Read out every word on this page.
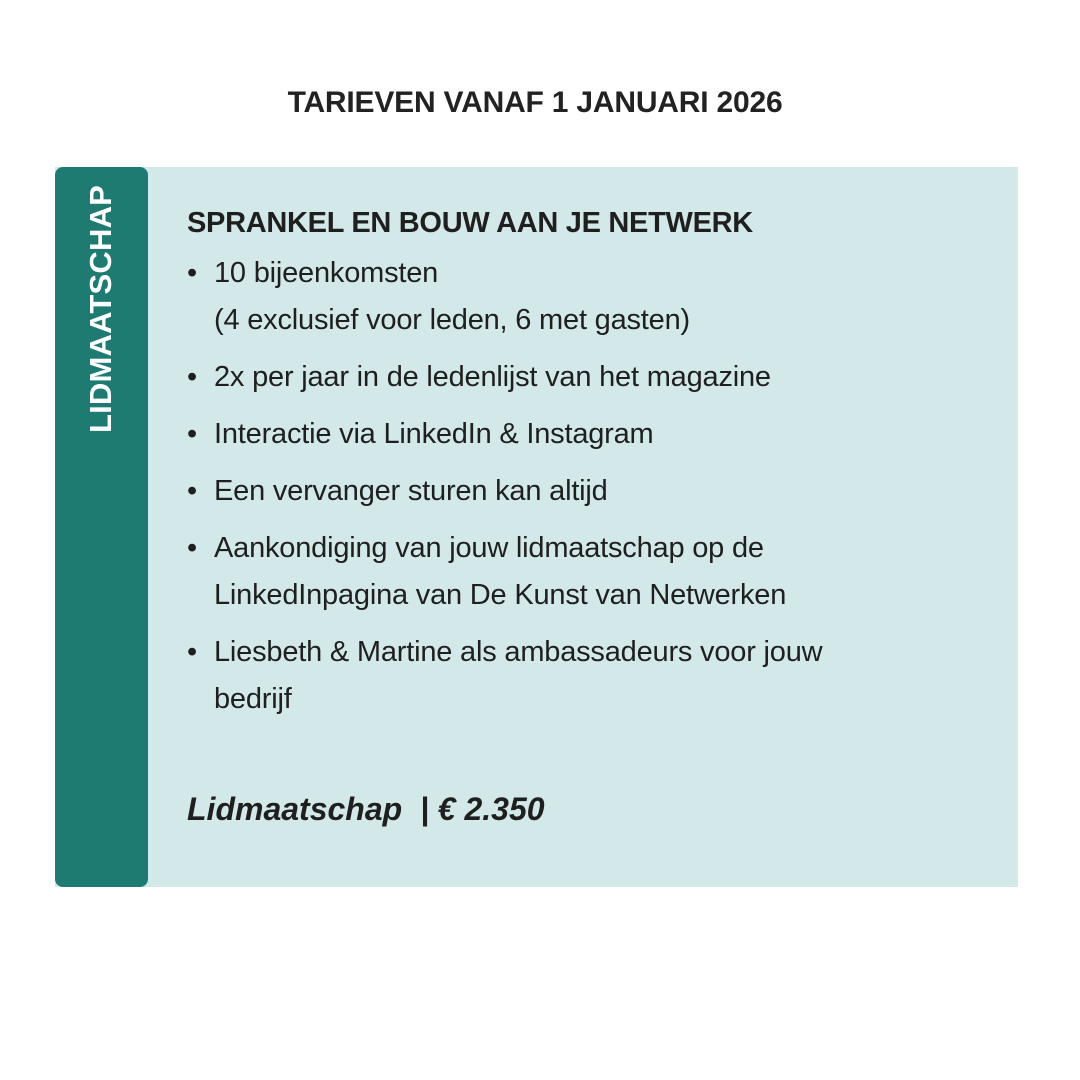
TARIEVEN VANAF 1 JANUARI 2026
LIDMAATSCHAP SPRANKEL EN BOUW AAN JE NETWERK
• 10 bijeenkomsten
(4 exclusief voor leden, 6 met gasten)
• 2x per jaar in de ledenlijst van het magazine
• Interactie via LinkedIn & Instagram
• Een vervanger sturen kan altijd
• Aankondiging van jouw lidmaatschap op de
LinkedInpagina van De Kunst van Netwerken
• Liesbeth & Martine als ambassadeurs voor jouw
bedrijf
Lidmaatschap | € 2.350
